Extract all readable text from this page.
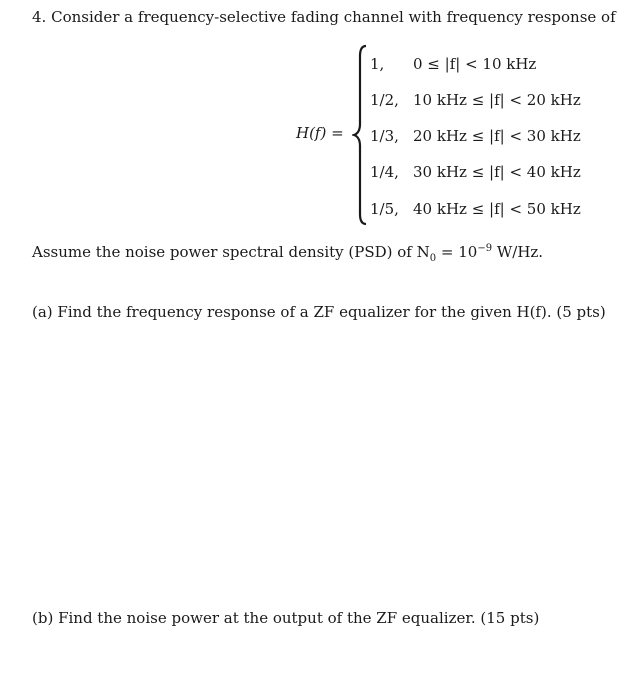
4. Consider a frequency-selective fading channel with frequency response of
H(f) =
1, 0 ≤ |f| < 10 kHz
1/2, 10 kHz ≤ |f| < 20 kHz
1/3, 20 kHz ≤ |f| < 30 kHz
1/4, 30 kHz ≤ |f| < 40 kHz
1/5, 40 kHz ≤ |f| < 50 kHz
Assume the noise power spectral density (PSD) of $N_0 = 10^{-9}$ W/Hz.
(a) Find the frequency response of a ZF equalizer for the given H(f). (5 pts)
(b) Find the noise power at the output of the ZF equalizer. (15 pts)
